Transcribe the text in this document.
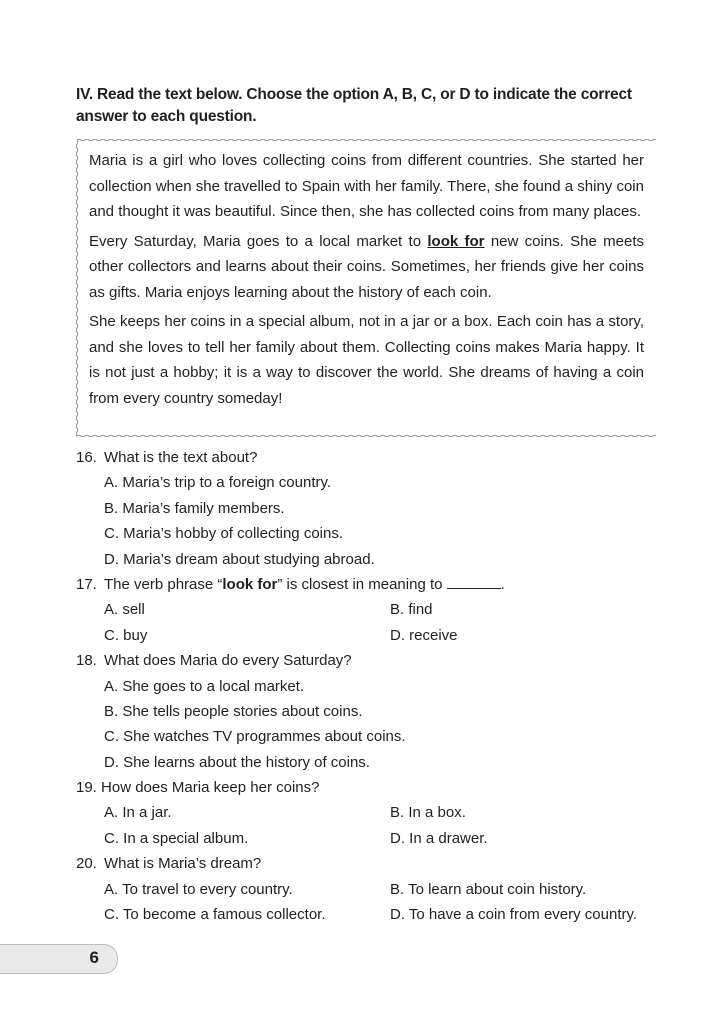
IV. Read the text below. Choose the option A, B, C, or D to indicate the correct answer to each question.

Maria is a girl who loves collecting coins from different countries. She started her collection when she travelled to Spain with her family. There, she found a shiny coin and thought it was beautiful. Since then, she has collected coins from many places.

Every Saturday, Maria goes to a local market to look for new coins. She meets other collectors and learns about their coins. Sometimes, her friends give her coins as gifts. Maria enjoys learning about the history of each coin.

She keeps her coins in a special album, not in a jar or a box. Each coin has a story, and she loves to tell her family about them. Collecting coins makes Maria happy. It is not just a hobby; it is a way to discover the world. She dreams of having a coin from every country someday!

16. What is the text about?
A. Maria’s trip to a foreign country.
B. Maria’s family members.
C. Maria’s hobby of collecting coins.
D. Maria’s dream about studying abroad.
17. The verb phrase “look for” is closest in meaning to	.
A. sell	B. find
C. buy	D. receive
18. What does Maria do every Saturday?
A. She goes to a local market.
B. She tells people stories about coins.
C. She watches TV programmes about coins.
D. She learns about the history of coins.
19. How does Maria keep her coins?
A. In a jar.	B. In a box.
C. In a special album.	D. In a drawer.
20. What is Maria’s dream?
A. To travel to every country.	B. To learn about coin history.
C. To become a famous collector.	D. To have a coin from every country.
6
